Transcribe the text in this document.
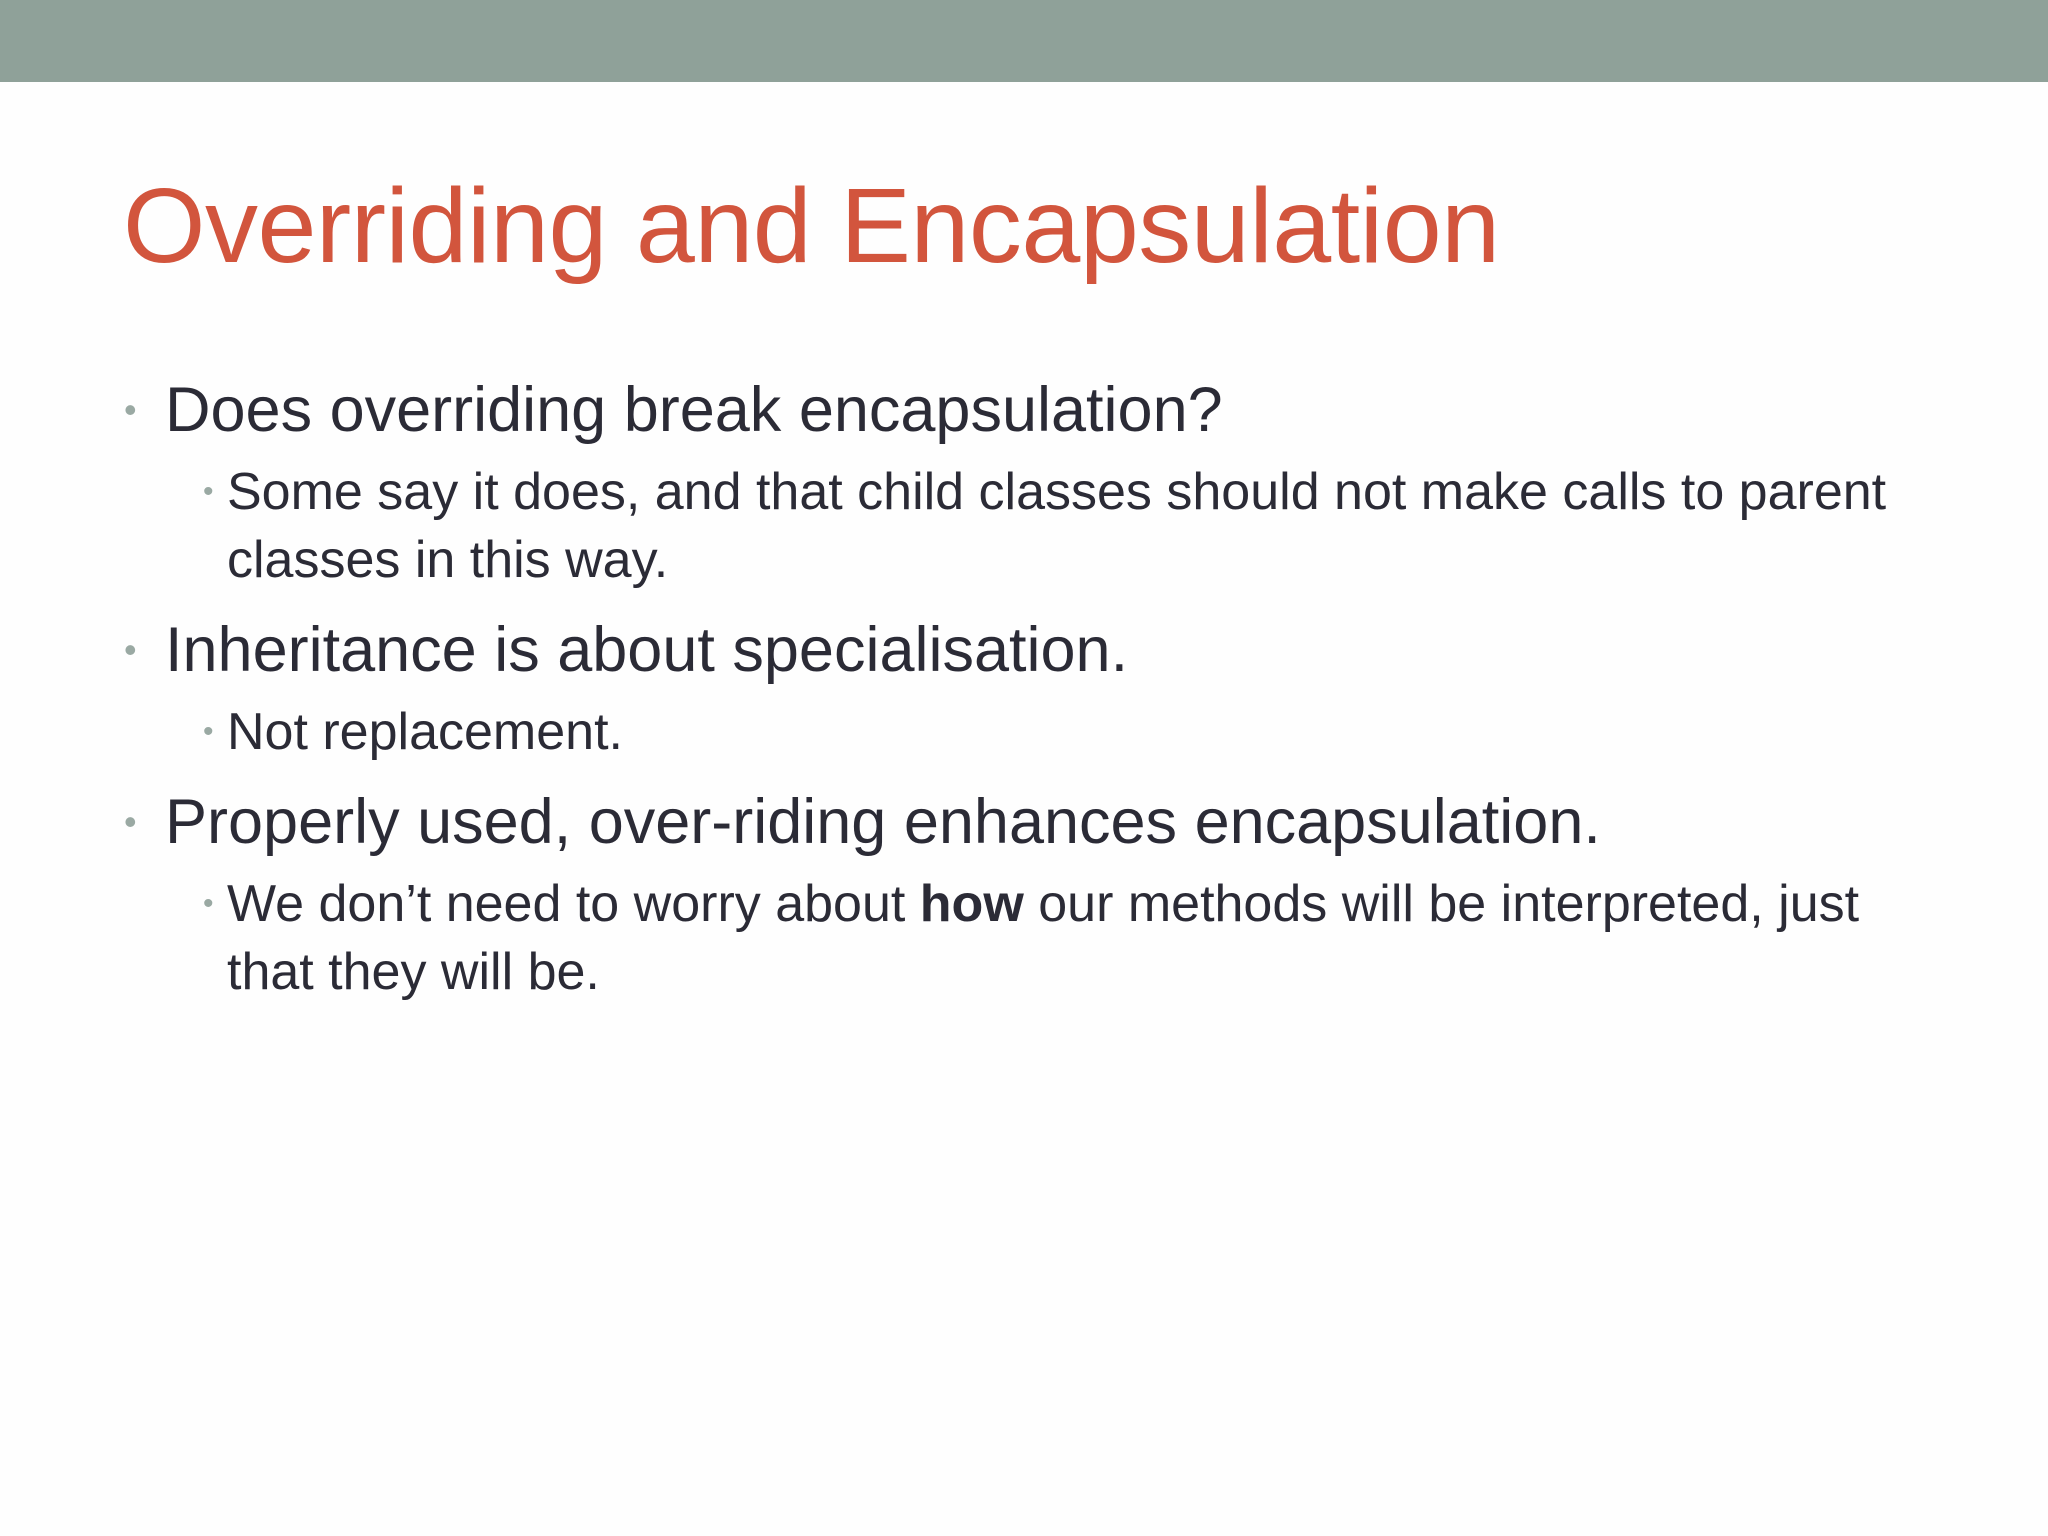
Overriding and Encapsulation
• Does overriding break encapsulation?
• Some say it does, and that child classes should not make calls to parent classes in this way.
• Inheritance is about specialisation.
• Not replacement.
• Properly used, over-riding enhances encapsulation.
• We don’t need to worry about how our methods will be interpreted, just that they will be.
